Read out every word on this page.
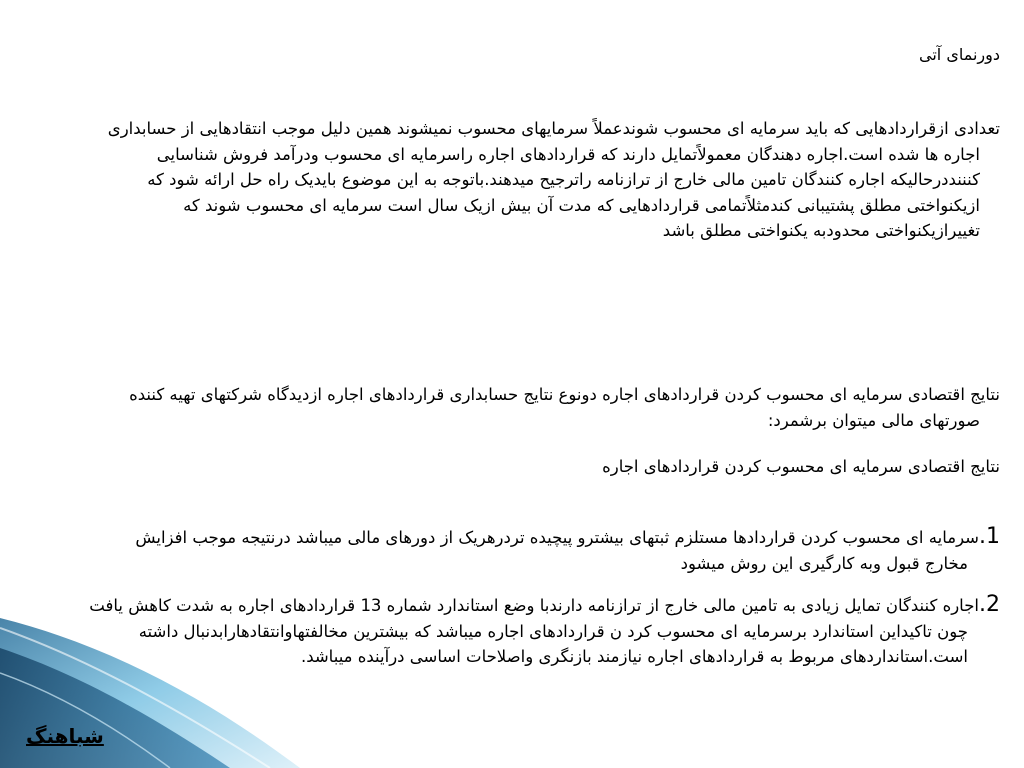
دورنمای آتی
تعدادی ازقراردادهایی که باید سرمایه ای محسوب شوندعملاً سرمایهای محسوب نمیشوند همین دلیل موجب انتقادهایی از حسابداری اجاره ها شده است.اجاره دهندگان معمولاًتمایل دارند که قراردادهای اجاره راسرمایه ای محسوب ودرآمد فروش شناسایی کنننددرحالیکه اجاره کنندگان تامین مالی خارج از ترازنامه راترجیح میدهند.باتوجه به این موضوع بایدیک راه حل ارائه شود که ازیکنواختی مطلق پشتیبانی کندمثلاًتمامی قراردادهایی که مدت آن بیش ازیک سال است سرمایه ای محسوب شوند که تغییرازیکنواختی محدودبه یکنواختی مطلق باشد
نتایج اقتصادی سرمایه ای محسوب کردن قراردادهای اجاره دونوع نتایج حسابداری قراردادهای اجاره ازدیدگاه شرکتهای تهیه کننده صورتهای مالی میتوان برشمرد:
نتایج اقتصادی سرمایه ای محسوب کردن قراردادهای اجاره
1.سرمایه ای محسوب کردن قراردادها مستلزم ثبتهای بیشترو پیچیده تردرهریک از دورهای مالی میباشد درنتیجه موجب افزایش مخارج قبول وبه کارگیری این روش میشود
2.اجاره کنندگان تمایل زیادی به تامین مالی خارج از ترازنامه دارندبا وضع استاندارد شماره 13 قراردادهای اجاره به شدت کاهش یافت چون تاکیداین استاندارد برسرمایه ای محسوب کرد ن قراردادهای اجاره میباشد که بیشترین مخالفتهاوانتقادهارابدنبال داشته است.استانداردهای مربوط به قراردادهای اجاره نیازمند بازنگری واصلاحات اساسی درآینده میباشد.
شباهنگ
